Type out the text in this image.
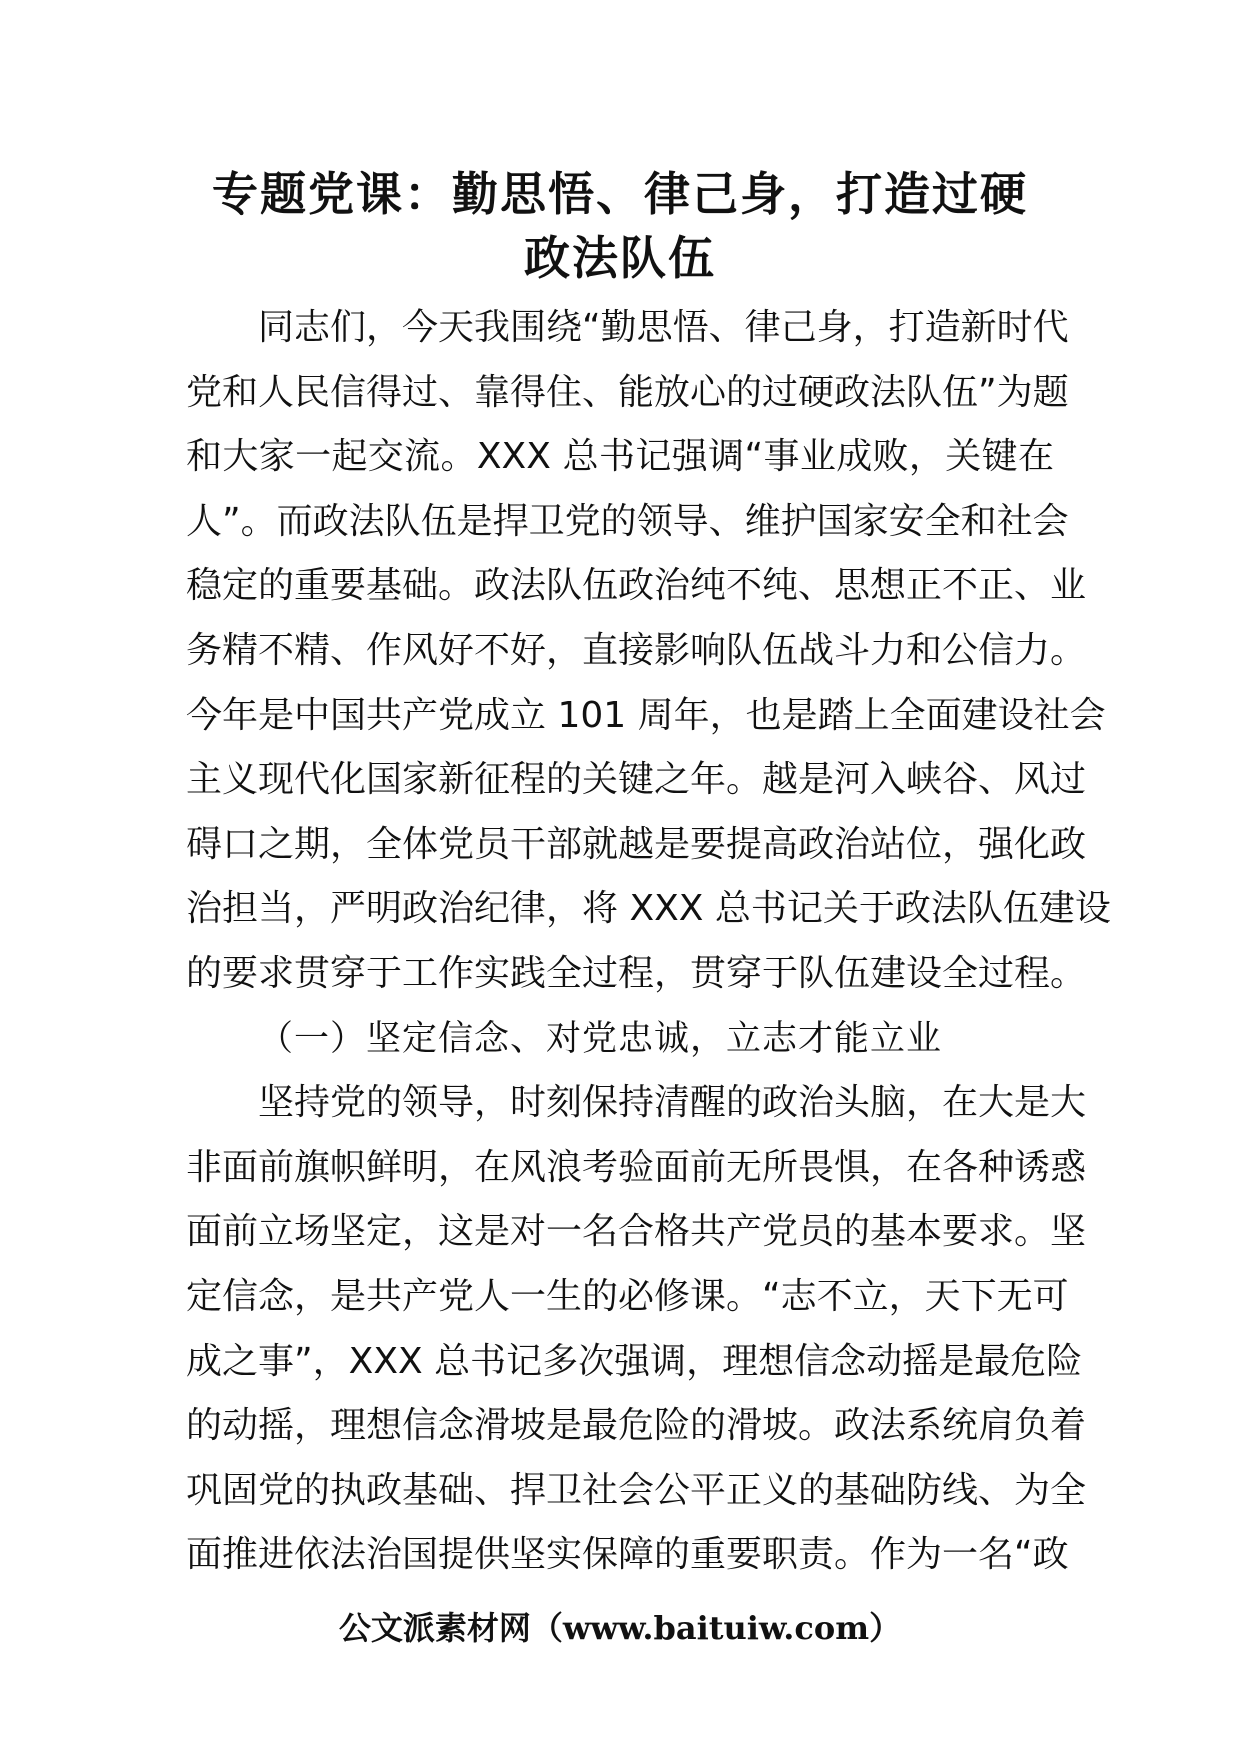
专题党课：勤思悟、律己身，打造过硬
政法队伍
同志们，今天我围绕“勤思悟、律己身，打造新时代
党和人民信得过、靠得住、能放心的过硬政法队伍”为题
和大家一起交流。XXX 总书记强调“事业成败，关键在
人”。而政法队伍是捍卫党的领导、维护国家安全和社会
稳定的重要基础。政法队伍政治纯不纯、思想正不正、业
务精不精、作风好不好，直接影响队伍战斗力和公信力。
今年是中国共产党成立 101 周年，也是踏上全面建设社会
主义现代化国家新征程的关键之年。越是河入峡谷、风过
碍口之期，全体党员干部就越是要提高政治站位，强化政
治担当，严明政治纪律，将 XXX 总书记关于政法队伍建设
的要求贯穿于工作实践全过程，贯穿于队伍建设全过程。
（一）坚定信念、对党忠诚，立志才能立业
坚持党的领导，时刻保持清醒的政治头脑，在大是大
非面前旗帜鲜明，在风浪考验面前无所畏惧，在各种诱惑
面前立场坚定，这是对一名合格共产党员的基本要求。坚
定信念，是共产党人一生的必修课。“志不立，天下无可
成之事”，XXX 总书记多次强调，理想信念动摇是最危险
的动摇，理想信念滑坡是最危险的滑坡。政法系统肩负着
巩固党的执政基础、捍卫社会公平正义的基础防线、为全
面推进依法治国提供坚实保障的重要职责。作为一名“政
公文派素材网（www.baituiw.com）
